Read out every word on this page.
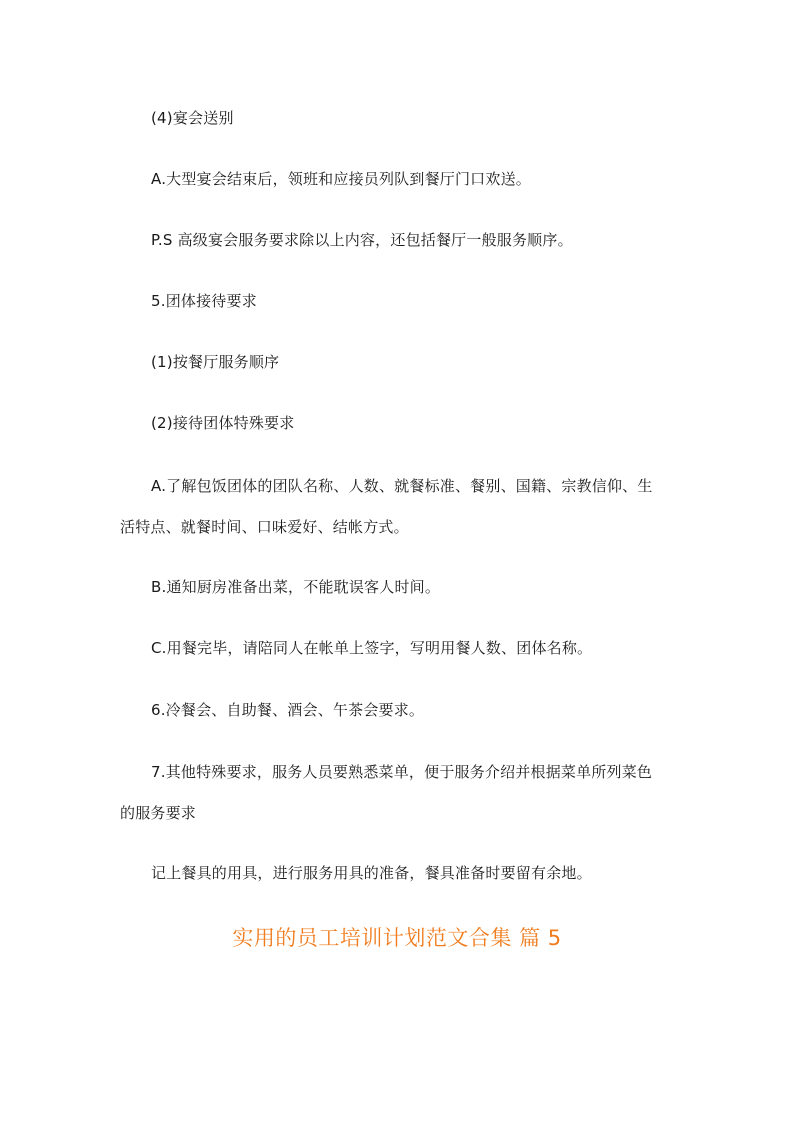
(4)宴会送别
A.大型宴会结束后，领班和应接员列队到餐厅门口欢送。
P.S 高级宴会服务要求除以上内容，还包括餐厅一般服务顺序。
5.团体接待要求
(1)按餐厅服务顺序
(2)接待团体特殊要求
A.了解包饭团体的团队名称、人数、就餐标准、餐别、国籍、宗教信仰、生
活特点、就餐时间、口味爱好、结帐方式。
B.通知厨房准备出菜，不能耽误客人时间。
C.用餐完毕，请陪同人在帐单上签字，写明用餐人数、团体名称。
6.冷餐会、自助餐、酒会、午茶会要求。
7.其他特殊要求，服务人员要熟悉菜单，便于服务介绍并根据菜单所列菜色
的服务要求
记上餐具的用具，进行服务用具的准备，餐具准备时要留有余地。
实用的员工培训计划范文合集 篇 5
